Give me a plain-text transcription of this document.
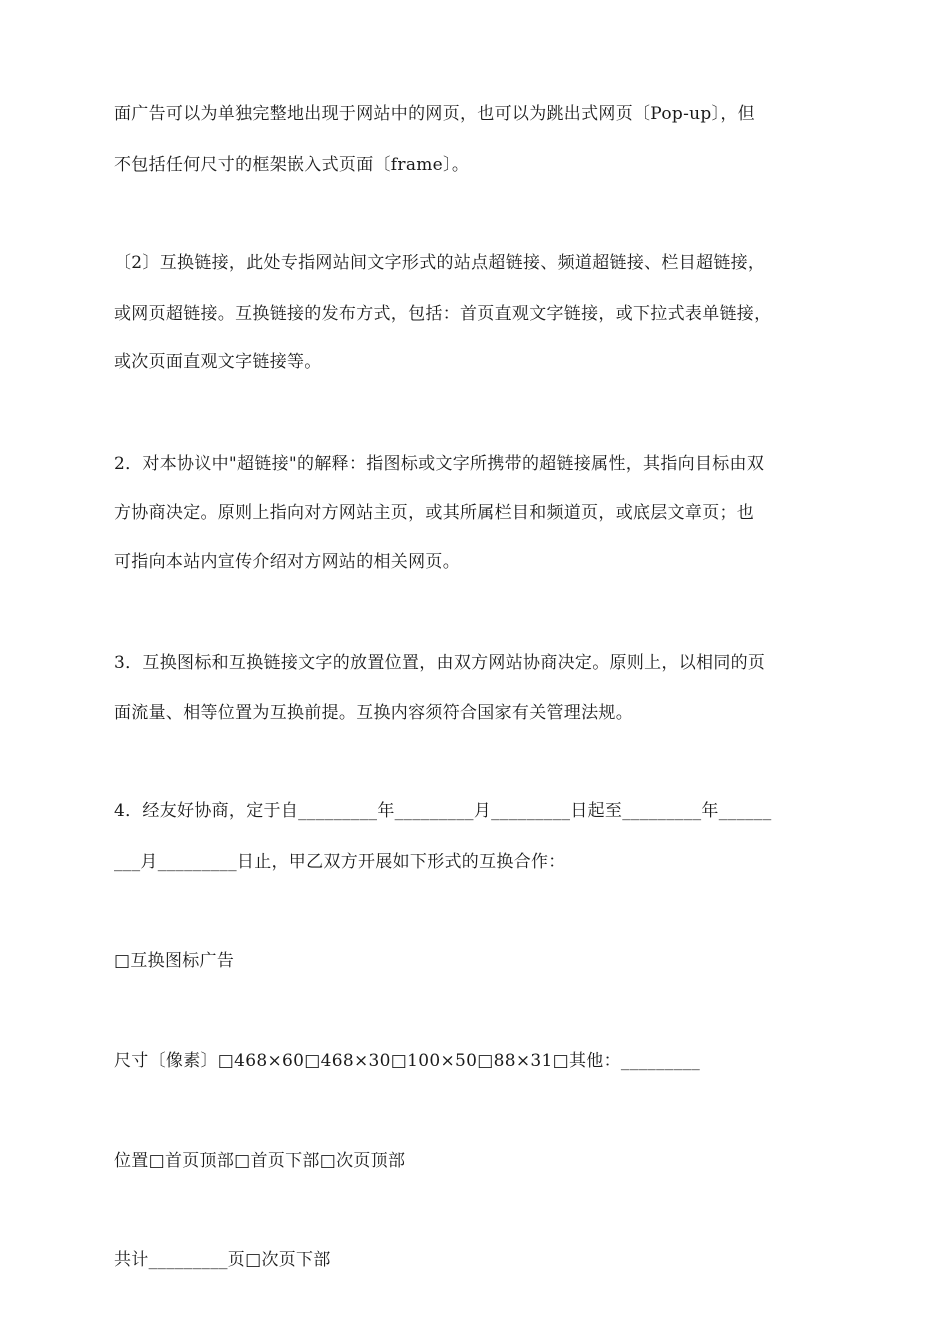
面广告可以为单独完整地出现于网站中的网页，也可以为跳出式网页〔Pop-up〕，但

不包括任何尺寸的框架嵌入式页面〔frame〕。

〔2〕互换链接，此处专指网站间文字形式的站点超链接、频道超链接、栏目超链接，

或网页超链接。互换链接的发布方式，包括：首页直观文字链接，或下拉式表单链接，

或次页面直观文字链接等。

2．对本协议中"超链接"的解释：指图标或文字所携带的超链接属性，其指向目标由双

方协商决定。原则上指向对方网站主页，或其所属栏目和频道页，或底层文章页；也

可指向本站内宣传介绍对方网站的相关网页。

3．互换图标和互换链接文字的放置位置，由双方网站协商决定。原则上，以相同的页

面流量、相等位置为互换前提。互换内容须符合国家有关管理法规。

4．经友好协商，定于自_________年_________月_________日起至_________年______

___月_________日止，甲乙双方开展如下形式的互换合作：

□互换图标广告

尺寸〔像素〕□468×60□468×30□100×50□88×31□其他：_________

位置□首页顶部□首页下部□次页顶部

共计_________页□次页下部
